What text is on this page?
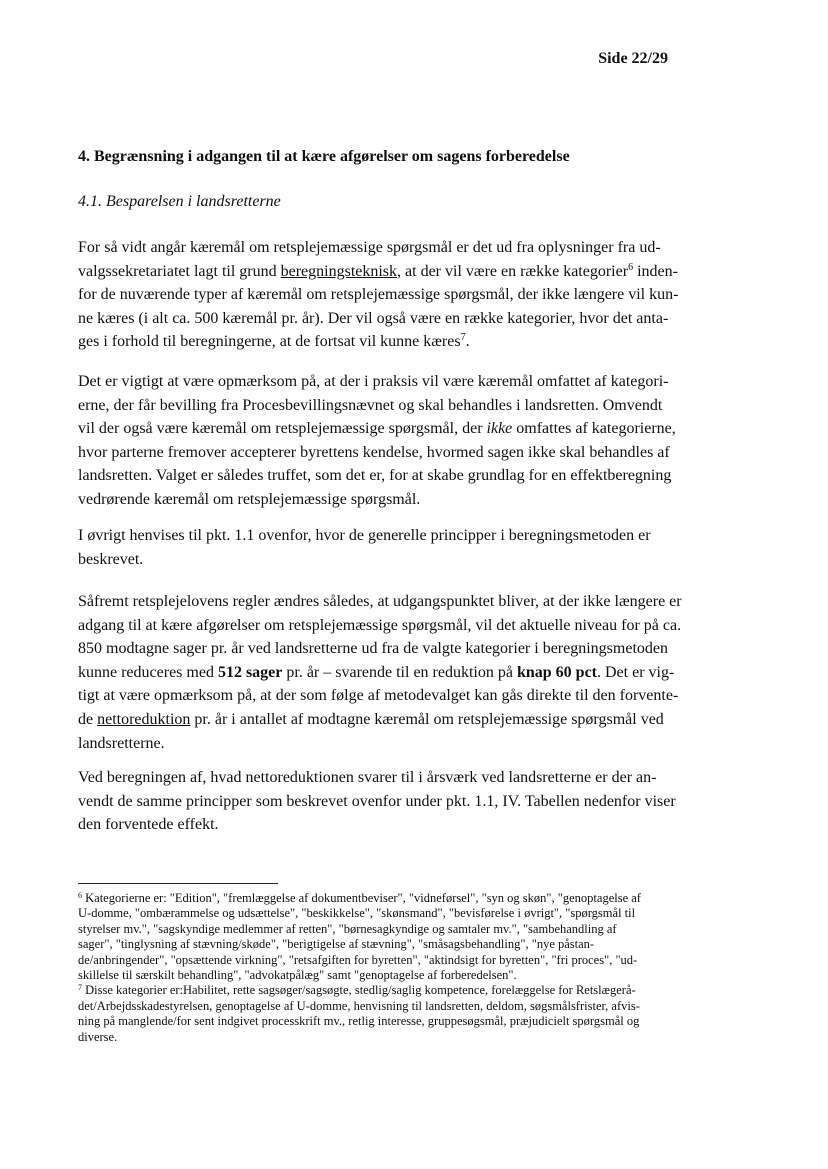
Side 22/29
4. Begrænsning i adgangen til at kære afgørelser om sagens forberedelse
4.1. Besparelsen i landsretterne
For så vidt angår kæremål om retsplejemæssige spørgsmål er det ud fra oplysninger fra ud-
valgssekretariatet lagt til grund beregningsteknisk, at der vil være en række kategorier$^6$ inden-
for de nuværende typer af kæremål om retsplejemæssige spørgsmål, der ikke længere vil kun-
ne kæres (i alt ca. 500 kæremål pr. år). Der vil også være en række kategorier, hvor det anta-
ges i forhold til beregningerne, at de fortsat vil kunne kæres$^7$.
Det er vigtigt at være opmærksom på, at der i praksis vil være kæremål omfattet af kategori-
erne, der får bevilling fra Procesbevillingsnævnet og skal behandles i landsretten. Omvendt
vil der også være kæremål om retsplejemæssige spørgsmål, der ikke omfattes af kategorierne,
hvor parterne fremover accepterer byrettens kendelse, hvormed sagen ikke skal behandles af
landsretten. Valget er således truffet, som det er, for at skabe grundlag for en effektberegning
vedrørende kæremål om retsplejemæssige spørgsmål.
I øvrigt henvises til pkt. 1.1 ovenfor, hvor de generelle principper i beregningsmetoden er
beskrevet.
Såfremt retsplejelovens regler ændres således, at udgangspunktet bliver, at der ikke længere er
adgang til at kære afgørelser om retsplejemæssige spørgsmål, vil det aktuelle niveau for på ca.
850 modtagne sager pr. år ved landsretterne ud fra de valgte kategorier i beregningsmetoden
kunne reduceres med 512 sager pr. år – svarende til en reduktion på knap 60 pct. Det er vig-
tigt at være opmærksom på, at der som følge af metodevalget kan gås direkte til den forvente-
de nettoreduktion pr. år i antallet af modtagne kæremål om retsplejemæssige spørgsmål ved
landsretterne.
Ved beregningen af, hvad nettoreduktionen svarer til i årsværk ved landsretterne er der an-
vendt de samme principper som beskrevet ovenfor under pkt. 1.1, IV. Tabellen nedenfor viser
den forventede effekt.
$^6$ Kategorierne er: "Edition", "fremlæggelse af dokumentbeviser", "vidneførsel", "syn og skøn", "genoptagelse af
U-domme, "ombærammelse og udsættelse", "beskikkelse", "skønsmand", "bevisførelse i øvrigt", "spørgsmål til
styrelser mv.", "sagskyndige medlemmer af retten", "børnesagkyndige og samtaler mv.", "sambehandling af
sager", "tinglysning af stævning/skøde", "berigtigelse af stævning", "småsagsbehandling", "nye påstan-
de/anbringender", "opsættende virkning", "retsafgiften for byretten", "aktindsigt for byretten", "fri proces", "ud-
skillelse til særskilt behandling", "advokatpålæg" samt "genoptagelse af forberedelsen".
$^7$ Disse kategorier er:Habilitet, rette sagsøger/sagsøgte, stedlig/saglig kompetence, forelæggelse for Retslægerå-
det/Arbejdsskadestyrelsen, genoptagelse af U-domme, henvisning til landsretten, deldom, søgsmålsfrister, afvis-
ning på manglende/for sent indgivet processkrift mv., retlig interesse, gruppesøgsmål, præjudicielt spørgsmål og
diverse.
